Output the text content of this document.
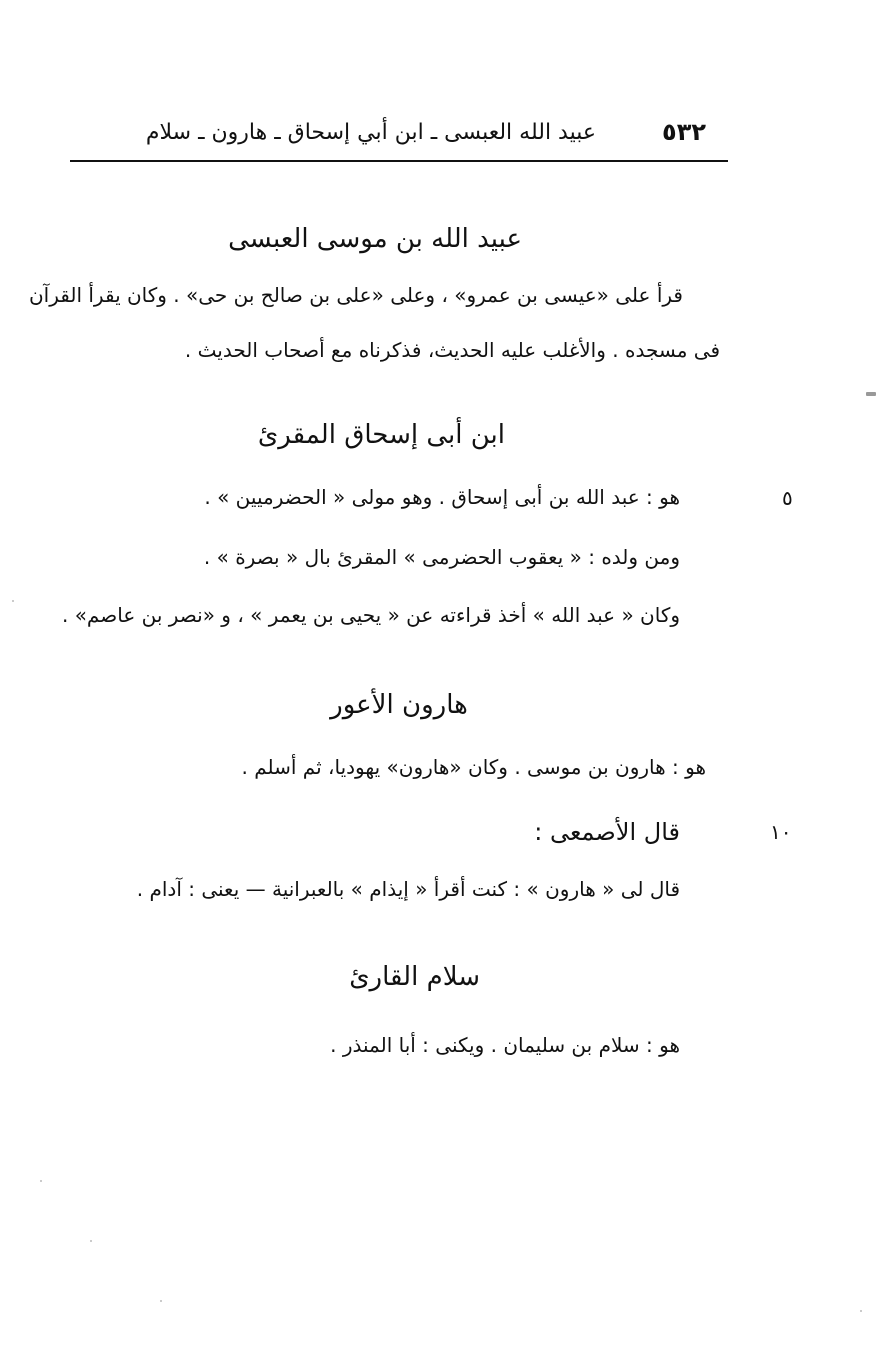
٥٣٢
عبيد الله العبسى ـ ابن أبي إسحاق ـ هارون ـ سلام
عبيد الله بن موسى العبسى
قرأ على «عيسى بن عمرو» ، وعلى «على بن صالح بن حى» . وكان يقرأ القرآن
فى مسجده . والأغلب عليه الحديث، فذكرناه مع أصحاب الحديث .
ابن أبى إسحاق المقرئ
هو : عبد الله بن أبى إسحاق . وهو مولى « الحضرميين » .
ومن ولده : « يعقوب الحضرمى » المقرئ بال « بصرة » .
وكان « عبد الله » أخذ قراءته عن « يحيى بن يعمر » ، و «نصر بن عاصم» .
هارون الأعور
هو : هارون بن موسى . وكان «هارون» يهوديا، ثم أسلم .
قال الأصمعى :
قال لى « هارون » : كنت أقرأ « إيذام » بالعبرانية — يعنى : آدام .
سلام القارئ
هو : سلام بن سليمان . ويكنى : أبا المنذر .
٥
١٠
